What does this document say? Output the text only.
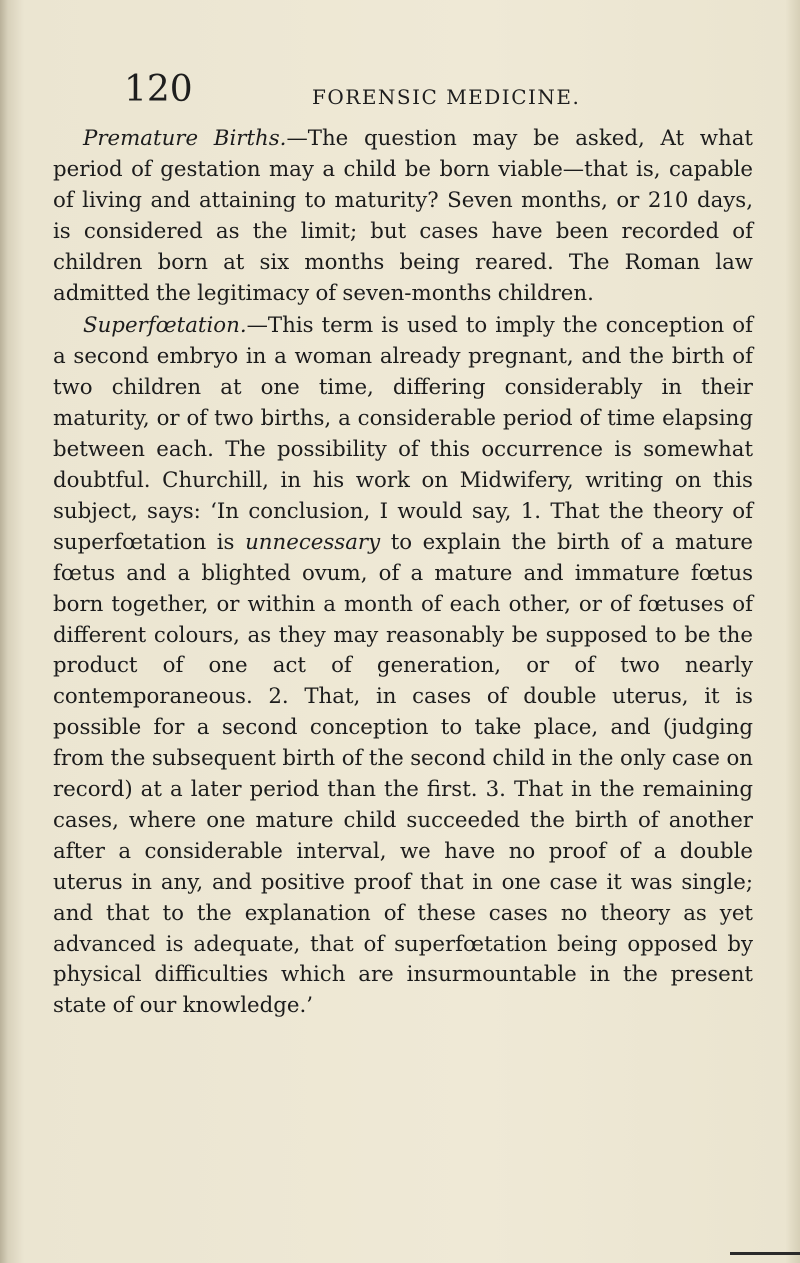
120	FORENSIC MEDICINE.

Premature Births.—The question may be asked, At what period of gestation may a child be born viable—that is, capable of living and attaining to maturity? Seven months, or 210 days, is considered as the limit; but cases have been recorded of children born at six months being reared. The Roman law admitted the legitimacy of seven-months children.

Superfœtation.—This term is used to imply the conception of a second embryo in a woman already pregnant, and the birth of two children at one time, differing considerably in their maturity, or of two births, a considerable period of time elapsing between each. The possibility of this occurrence is somewhat doubtful. Churchill, in his work on Midwifery, writing on this subject, says: ‘In conclusion, I would say, 1. That the theory of superfœtation is unnecessary to explain the birth of a mature fœtus and a blighted ovum, of a mature and immature fœtus born together, or within a month of each other, or of fœtuses of different colours, as they may reasonably be supposed to be the product of one act of generation, or of two nearly contemporaneous. 2. That, in cases of double uterus, it is possible for a second conception to take place, and (judging from the subsequent birth of the second child in the only case on record) at a later period than the first. 3. That in the remaining cases, where one mature child succeeded the birth of another after a considerable interval, we have no proof of a double uterus in any, and positive proof that in one case it was single; and that to the explanation of these cases no theory as yet advanced is adequate, that of superfœtation being opposed by physical difficulties which are insurmountable in the present state of our knowledge.’
